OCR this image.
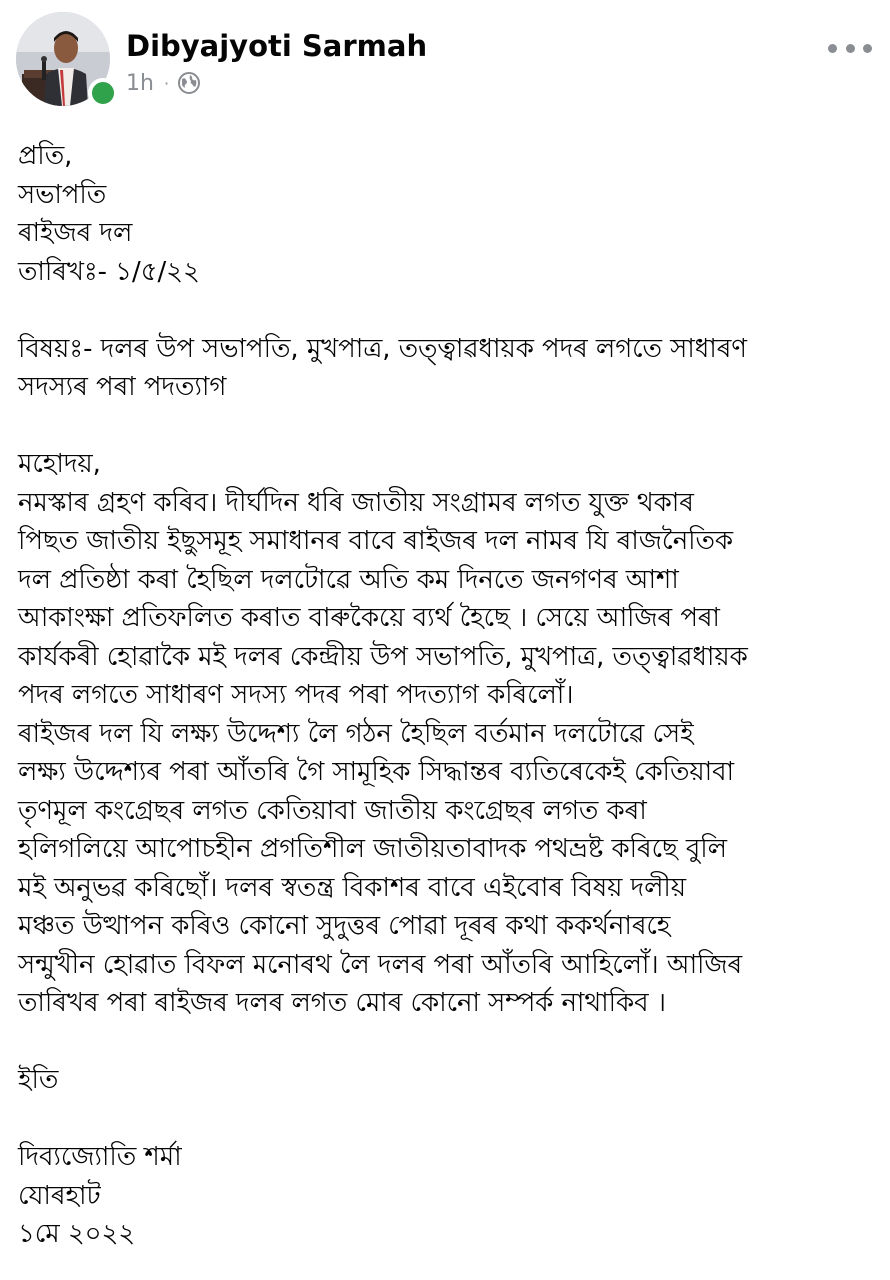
Dibyajyoti Sarmah
1h ·
প্ৰতি,
সভাপতি
ৰাইজৰ দল
তাৰিখঃ- ১/৫/২২
বিষয়ঃ- দলৰ উপ সভাপতি, মুখপাত্ৰ, তত্ত্বাৱধায়ক পদৰ লগতে সাধাৰণ
সদস্যৰ পৰা পদত্যাগ
মহোদয়,
নমস্কাৰ গ্ৰহণ কৰিব। দীৰ্ঘদিন ধৰি জাতীয় সংগ্ৰামৰ লগত যুক্ত থকাৰ
পিছত জাতীয় ইছুসমূহ সমাধানৰ বাবে ৰাইজৰ দল নামৰ যি ৰাজনৈতিক
দল প্ৰতিষ্ঠা কৰা হৈছিল দলটোৱে অতি কম দিনতে জনগণৰ আশা
আকাংক্ষা প্ৰতিফলিত কৰাত বাৰুকৈয়ে ব্যৰ্থ হৈছে । সেয়ে আজিৰ পৰা
কাৰ্যকৰী হোৱাকৈ মই দলৰ কেন্দ্ৰীয় উপ সভাপতি, মুখপাত্ৰ, তত্ত্বাৱধায়ক
পদৰ লগতে সাধাৰণ সদস্য পদৰ পৰা পদত্যাগ কৰিলোঁ।
ৰাইজৰ দল যি লক্ষ্য উদ্দেশ্য লৈ গঠন হৈছিল বৰ্তমান দলটোৱে সেই
লক্ষ্য উদ্দেশ্যৰ পৰা আঁতৰি গৈ সামূহিক সিদ্ধান্তৰ ব্যতিৰেকেই কেতিয়াবা
তৃণমূল কংগ্ৰেছৰ লগত কেতিয়াবা জাতীয় কংগ্ৰেছৰ লগত কৰা
হলিগলিয়ে আপোচহীন প্ৰগতিশীল জাতীয়তাবাদক পথভ্ৰষ্ট কৰিছে বুলি
মই অনুভৱ কৰিছোঁ। দলৰ স্বতন্ত্ৰ বিকাশৰ বাবে এইবোৰ বিষয় দলীয়
মঞ্চত উত্থাপন কৰিও কোনো সুদুত্তৰ পোৱা দূৰৰ কথা ককৰ্থনাৰহে
সন্মুখীন হোৱাত বিফল মনোৰথ লৈ দলৰ পৰা আঁতৰি আহিলোঁ। আজিৰ
তাৰিখৰ পৰা ৰাইজৰ দলৰ লগত মোৰ কোনো সম্পৰ্ক নাথাকিব ।
ইতি
দিব্যজ্যোতি শৰ্মা
যোৰহাট
১মে ২০২২
